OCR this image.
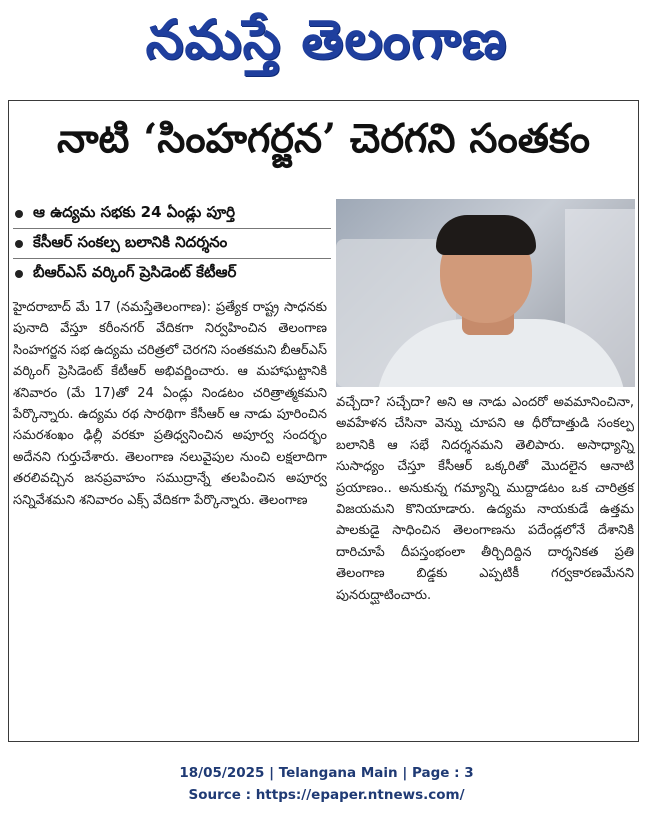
నమస్తే తెలంగాణ
నాటి ‘సింహగర్జన’ చెరగని సంతకం
ఆ ఉద్యమ సభకు 24 ఏండ్లు పూర్తి
కేసీఆర్ సంకల్ప బలానికి నిదర్శనం
బీఆర్ఎస్ వర్కింగ్ ప్రెసిడెంట్ కేటీఆర్

హైదరాబాద్ మే 17 (నమస్తేతెలంగాణ): ప్రత్యేక రాష్ట్ర సాధనకు పునాది వేస్తూ కరీంనగర్ వేదికగా నిర్వహించిన తెలంగాణ సింహగర్జన సభ ఉద్యమ చరిత్రలో చెరగని సంతకమని బీఆర్ఎస్ వర్కింగ్ ప్రెసిడెంట్ కేటీఆర్ అభివర్ణించారు. ఆ మహాఘట్టానికి శనివారం (మే 17)తో 24 ఏండ్లు నిండటం చరిత్రాత్మకమని పేర్కొన్నారు. ఉద్యమ రథ సారథిగా కేసీఆర్ ఆ నాడు పూరించిన సమరశంఖం ఢిల్లీ వరకూ ప్రతిధ్వనించిన అపూర్వ సందర్భం అదేనని గుర్తుచేశారు. తెలంగాణ నలువైపుల నుంచి లక్షలాదిగా తరలివచ్చిన జనప్రవాహం సముద్రాన్నే తలపించిన అపూర్వ సన్నివేశమని శనివారం ఎక్స్ వేదికగా పేర్కొన్నారు. తెలంగాణ

వచ్చేదా? సచ్చేదా? అని ఆ నాడు ఎందరో అవమానించినా, అవహేళన చేసినా వెన్ను చూపని ఆ ధీరోదాత్తుడి సంకల్ప బలానికి ఆ సభే నిదర్శనమని తెలిపారు. అసాధ్యాన్ని సుసాధ్యం చేస్తూ కేసీఆర్ ఒక్కరితో మొదలైన ఆనాటి ప్రయాణం.. అనుకున్న గమ్యాన్ని ముద్దాడటం ఒక చారిత్రక విజయమని కొనియాడారు. ఉద్యమ నాయకుడే ఉత్తమ పాలకుడై సాధించిన తెలంగాణను పదేండ్లలోనే దేశానికి దారిచూపే దీపస్తంభంలా తీర్చిదిద్దిన దార్శనికత ప్రతి తెలంగాణ బిడ్డకు ఎప్పటికీ గర్వకారణమేనని పునరుద్ఘాటించారు.

18/05/2025 | Telangana Main | Page : 3
Source : https://epaper.ntnews.com/
